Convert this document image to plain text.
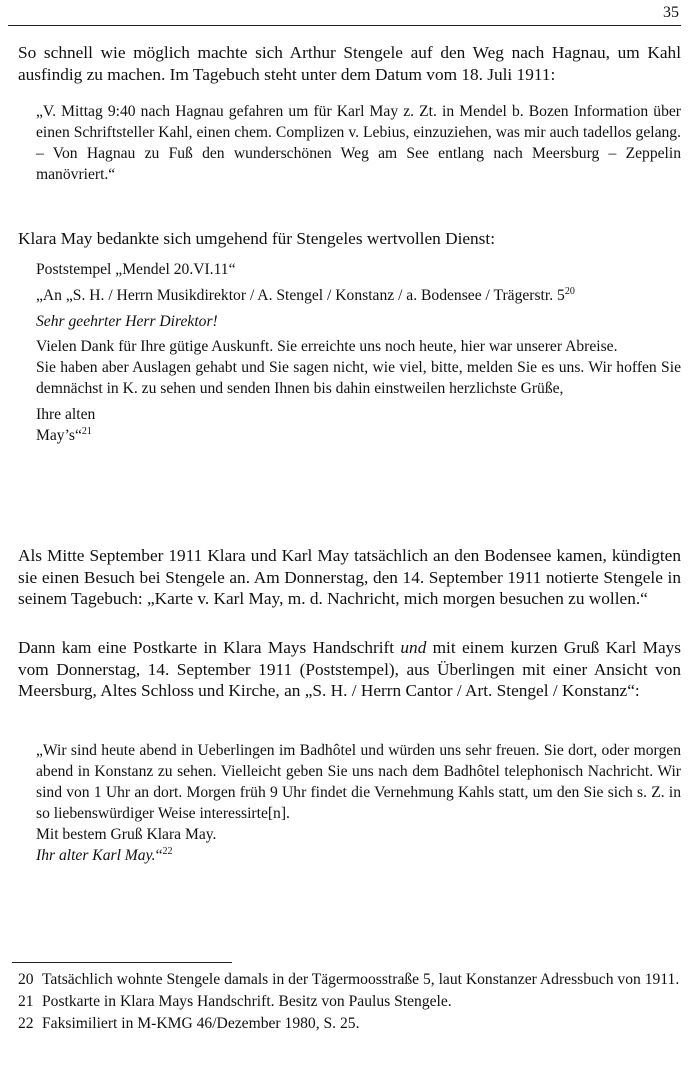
35

So schnell wie möglich machte sich Arthur Stengele auf den Weg nach Hagnau, um Kahl ausfindig zu machen. Im Tagebuch steht unter dem Datum vom 18. Juli 1911:

„V. Mittag 9:40 nach Hagnau gefahren um für Karl May z. Zt. in Mendel b. Bozen Information über einen Schriftsteller Kahl, einen chem. Complizen v. Lebius, einzuziehen, was mir auch tadellos gelang. – Von Hagnau zu Fuß den wunderschönen Weg am See entlang nach Meersburg – Zeppelin manövriert.“

Klara May bedankte sich umgehend für Stengeles wertvollen Dienst:

Poststempel „Mendel 20.VI.11“

„An „S. H. / Herrn Musikdirektor / A. Stengel / Konstanz / a. Bodensee / Trägerstr. $5^{20}$

Sehr geehrter Herr Direktor!

Vielen Dank für Ihre gütige Auskunft. Sie erreichte uns noch heute, hier war unserer Abreise.

Sie haben aber Auslagen gehabt und Sie sagen nicht, wie viel, bitte, melden Sie es uns. Wir hoffen Sie demnächst in K. zu sehen und senden Ihnen bis dahin einstweilen herzlichste Grüße,

Ihre alten

May’s“$^{21}$

Als Mitte September 1911 Klara und Karl May tatsächlich an den Bodensee kamen, kündigten sie einen Besuch bei Stengele an. Am Donnerstag, den 14. September 1911 notierte Stengele in seinem Tagebuch: „Karte v. Karl May, m. d. Nachricht, mich morgen besuchen zu wollen.“

Dann kam eine Postkarte in Klara Mays Handschrift und mit einem kurzen Gruß Karl Mays vom Donnerstag, 14. September 1911 (Poststempel), aus Überlingen mit einer Ansicht von Meersburg, Altes Schloss und Kirche, an „S. H. / Herrn Cantor / Art. Stengel / Konstanz“:

„Wir sind heute abend in Ueberlingen im Badhôtel und würden uns sehr freuen. Sie dort, oder morgen abend in Konstanz zu sehen. Vielleicht geben Sie uns nach dem Badhôtel telephonisch Nachricht. Wir sind von 1 Uhr an dort. Morgen früh 9 Uhr findet die Vernehmung Kahls statt, um den Sie sich s. Z. in so liebenswürdiger Weise interessirte[n].

Mit bestem Gruß Klara May.

Ihr alter Karl May.“$^{22}$

20 Tatsächlich wohnte Stengele damals in der Tägermoosstraße 5, laut Konstanzer Adressbuch von 1911.
21 Postkarte in Klara Mays Handschrift. Besitz von Paulus Stengele.
22 Faksimiliert in M-KMG 46/Dezember 1980, S. 25.
